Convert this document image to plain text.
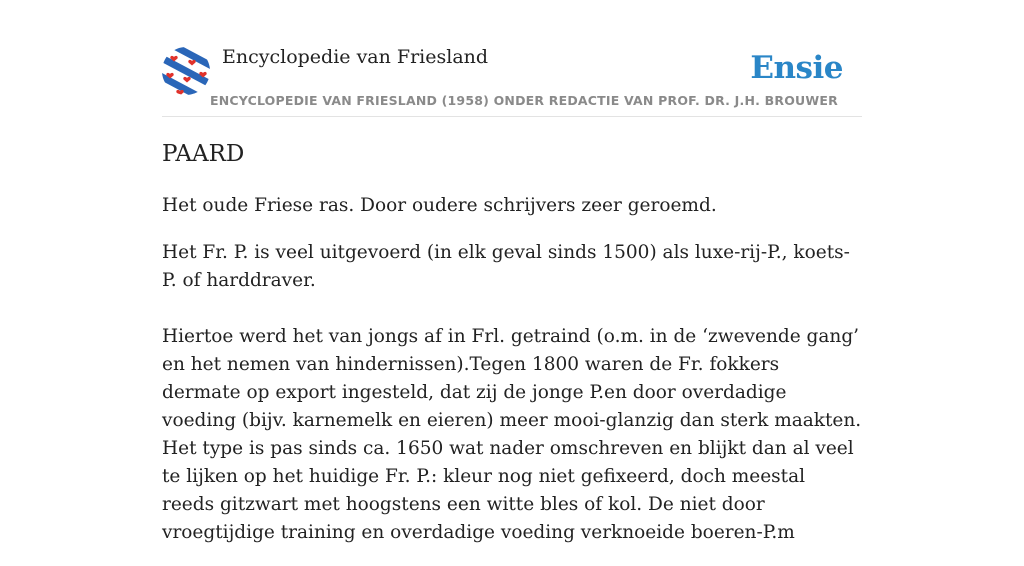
Encyclopedie van Friesland	Ensie
ENCYCLOPEDIE VAN FRIESLAND (1958) ONDER REDACTIE VAN PROF. DR. J.H. BROUWER
PAARD

Het oude Friese ras. Door oudere schrijvers zeer geroemd.

Het Fr. P. is veel uitgevoerd (in elk geval sinds 1500) als luxe-rij-P., koets-P. of harddraver.

Hiertoe werd het van jongs af in Frl. getraind (o.m. in de ‘zwevende gang’ en het nemen van hindernissen).Tegen 1800 waren de Fr. fokkers dermate op export ingesteld, dat zij de jonge P.en door overdadige voeding (bijv. karnemelk en eieren) meer mooi-glanzig dan sterk maakten. Het type is pas sinds ca. 1650 wat nader omschreven en blijkt dan al veel te lijken op het huidige Fr. P.: kleur nog niet gefixeerd, doch meestal reeds gitzwart met hoogstens een witte bles of kol. De niet door vroegtijdige training en overdadige voeding verknoeide boeren-P.m
